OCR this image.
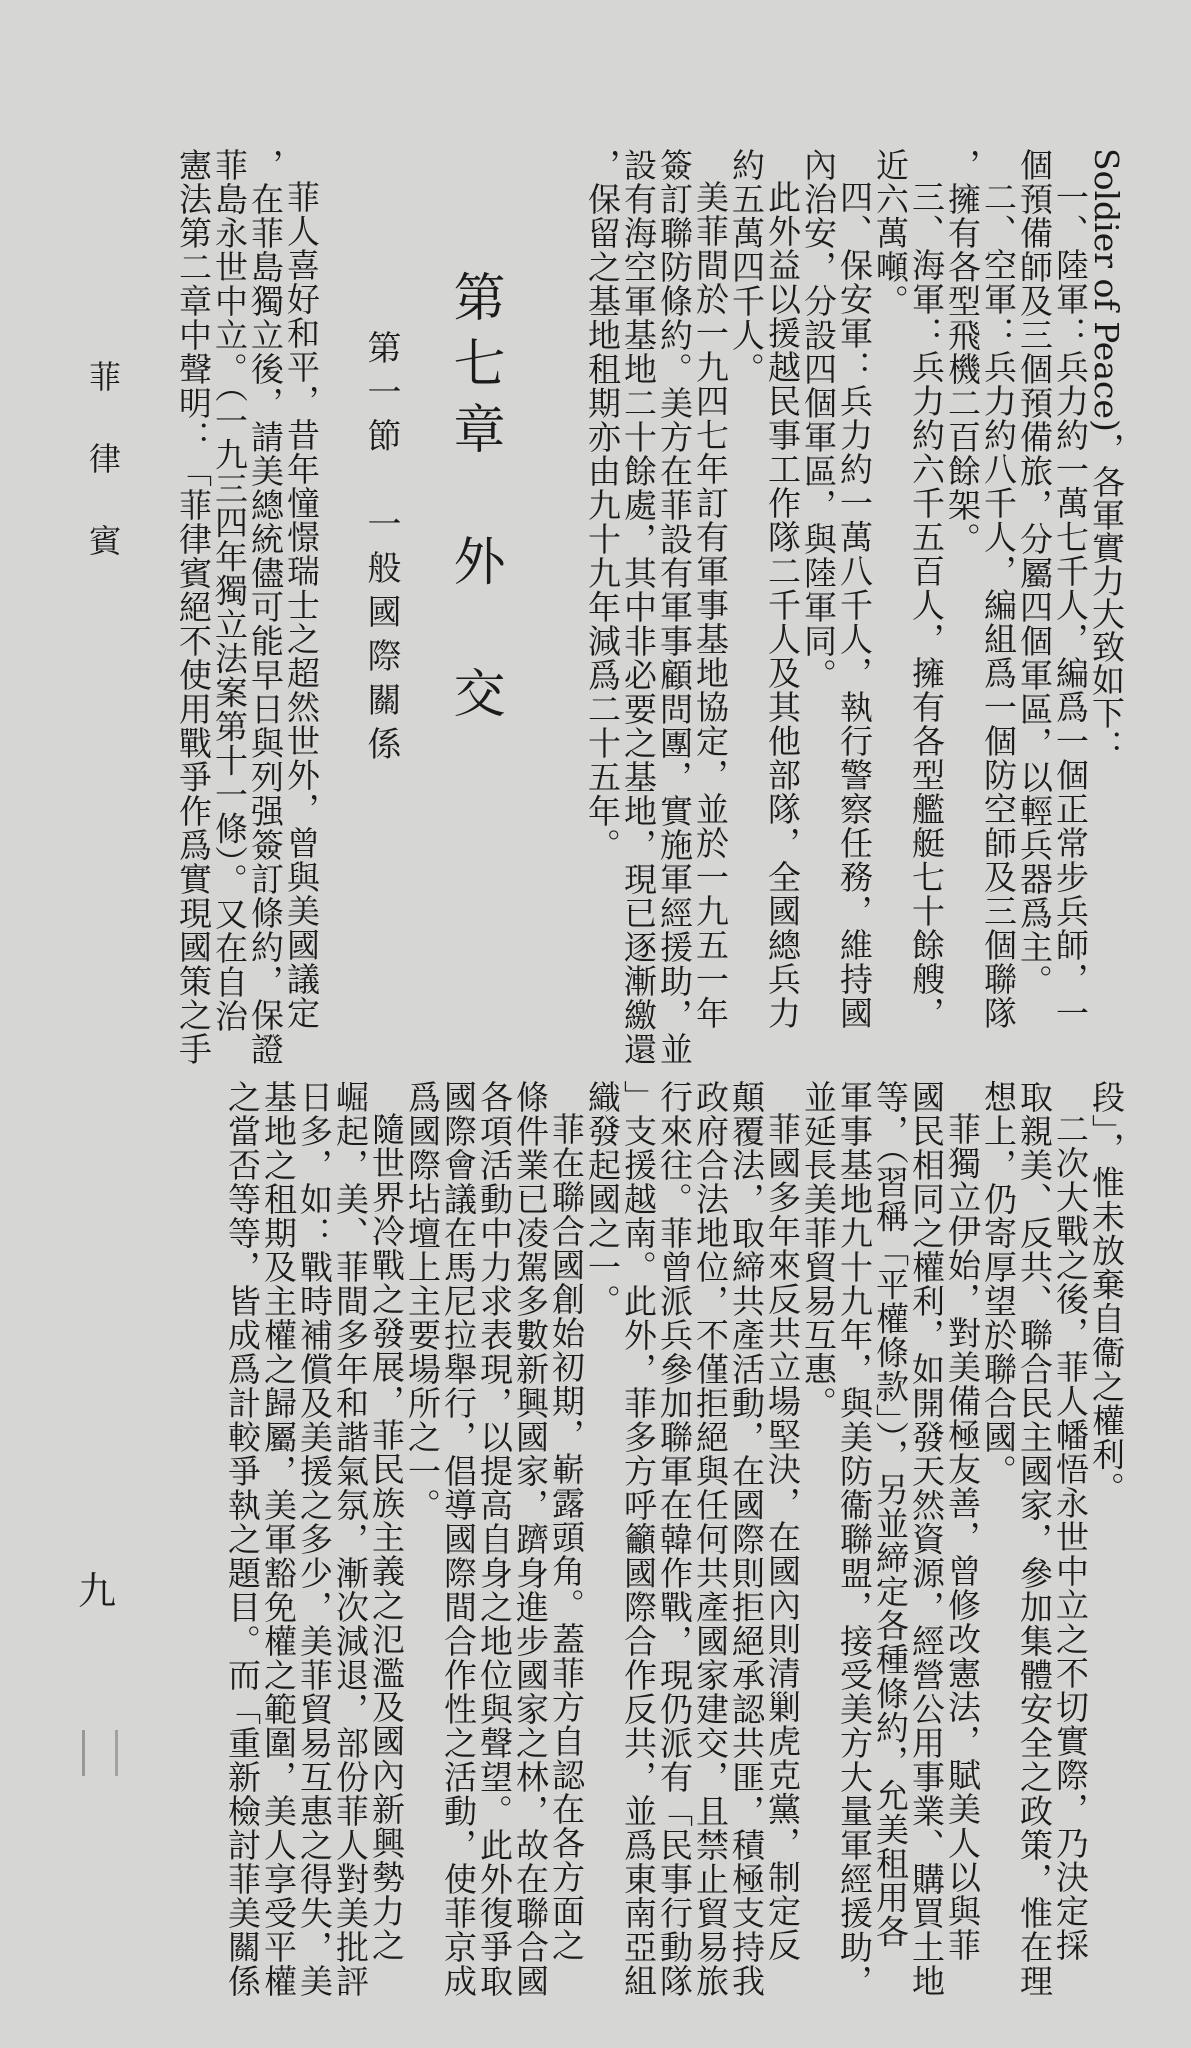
菲律賓
九
Soldier of Peace)，各軍實力大致如下：
一、陸軍：兵力約一萬七千人，編爲一個正常步兵師，一
個預備師及三個預備旅，分屬四個軍區，以輕兵器爲主。
二、空軍：兵力約八千人，編組爲一個防空師及三個聯隊
，擁有各型飛機二百餘架。
三、海軍：兵力約六千五百人，擁有各型艦艇七十餘艘，
近六萬噸。
四、保安軍：兵力約一萬八千人，執行警察任務，維持國
內治安，分設四個軍區，與陸軍同。
此外益以援越民事工作隊二千人及其他部隊，全國總兵力
約五萬四千人。
美菲間於一九四七年訂有軍事基地協定，並於一九五一年
簽訂聯防條約。美方在菲設有軍事顧問團，實施軍經援助，並
設有海空軍基地二十餘處，其中非必要之基地，現已逐漸繳還
，保留之基地租期亦由九十九年減爲二十五年。
第七章　外　交
第一節　一般國際關係
菲人喜好和平，昔年憧憬瑞士之超然世外，曾與美國議定
，在菲島獨立後，請美總統儘可能早日與列强簽訂條約，保證
菲島永世中立。（一九三四年獨立法案第十一條）。又在自治
憲法第二章中聲明：「菲律賓絕不使用戰爭作爲實現國策之手
段」，惟未放棄自衞之權利。
二次大戰之後，菲人幡悟永世中立之不切實際，乃決定採
取親美、反共、聯合民主國家，參加集體安全之政策，惟在理
想上，仍寄厚望於聯合國。
菲獨立伊始，對美備極友善，曾修改憲法，賦美人以與菲
國民相同之權利，如開發天然資源，經營公用事業、購買土地
等，（習稱「平權條款」），另並締定各種條約，允美租用各
軍事基地九十九年，與美防衞聯盟，接受美方大量軍經援助，
並延長美菲貿易互惠。
菲國多年來反共立場堅決，在國內則清剿虎克黨，制定反
顛覆法，取締共產活動，在國際則拒絕承認共匪，積極支持我
政府合法地位，不僅拒絕與任何共產國家建交，且禁止貿易旅
行來往。菲曾派兵參加聯軍在韓作戰，現仍派有「民事行動隊
」支援越南。此外，菲多方呼籲國際合作反共，並爲東南亞組
織發起國之一。
菲在聯合國創始初期，嶄露頭角。蓋菲方自認在各方面之
條件業已凌駕多數新興國家，躋身進步國家之林，故在聯合國
各項活動中力求表現，以提高自身之地位與聲望。此外復爭取
國際會議在馬尼拉舉行，倡導國際間合作性之活動，使菲京成
爲國際坫壇上主要場所之一。
隨世界冷戰之發展，菲民族主義之氾濫及國內新興勢力之
崛起，美、菲間多年和諧氣氛，漸次減退，部份菲人對美批評
日多，如：戰時補償及美援之多少，美菲貿易互惠之得失，美
基地之租期及主權之歸屬，美軍豁免權之範圍，美人享受平權
之當否等等，皆成爲計較爭執之題目。而「重新檢討菲美關係
